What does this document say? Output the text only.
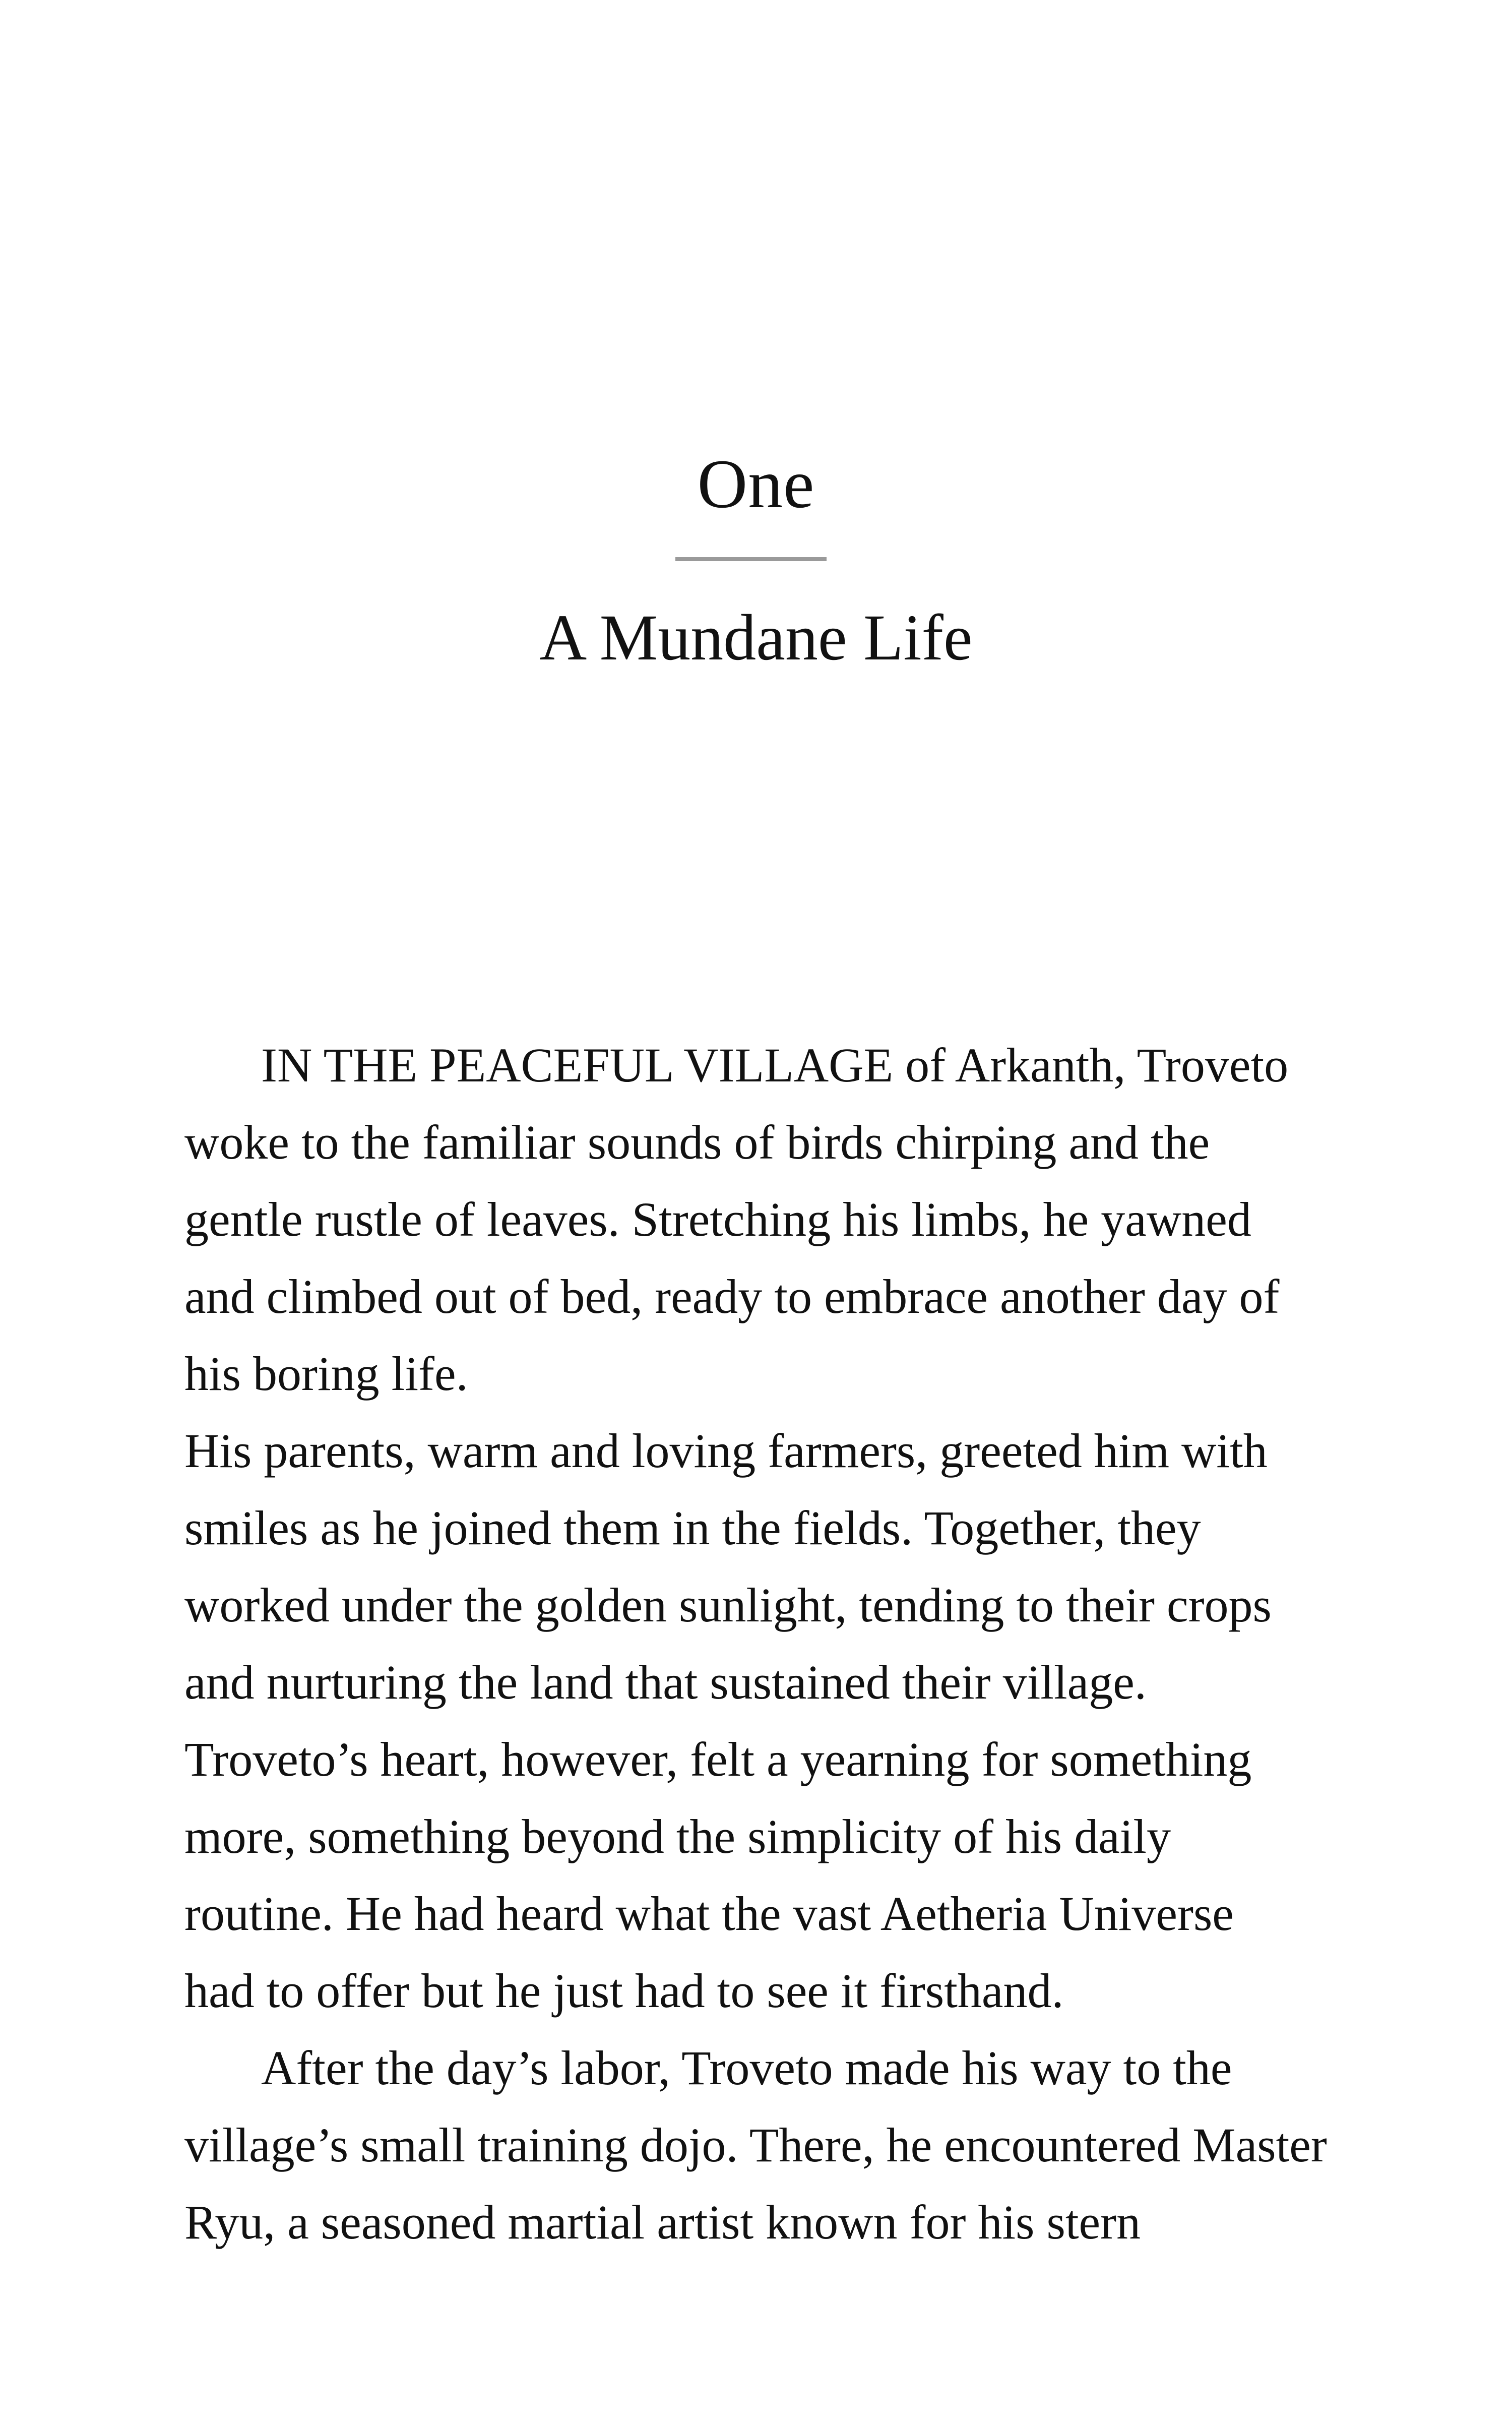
One
A Mundane Life
IN THE PEACEFUL VILLAGE of Arkanth, Troveto
woke to the familiar sounds of birds chirping and the
gentle rustle of leaves. Stretching his limbs, he yawned
and climbed out of bed, ready to embrace another day of
his boring life.
His parents, warm and loving farmers, greeted him with
smiles as he joined them in the fields. Together, they
worked under the golden sunlight, tending to their crops
and nurturing the land that sustained their village.
Troveto’s heart, however, felt a yearning for something
more, something beyond the simplicity of his daily
routine. He had heard what the vast Aetheria Universe
had to offer but he just had to see it firsthand.
After the day’s labor, Troveto made his way to the
village’s small training dojo. There, he encountered Master
Ryu, a seasoned martial artist known for his stern
